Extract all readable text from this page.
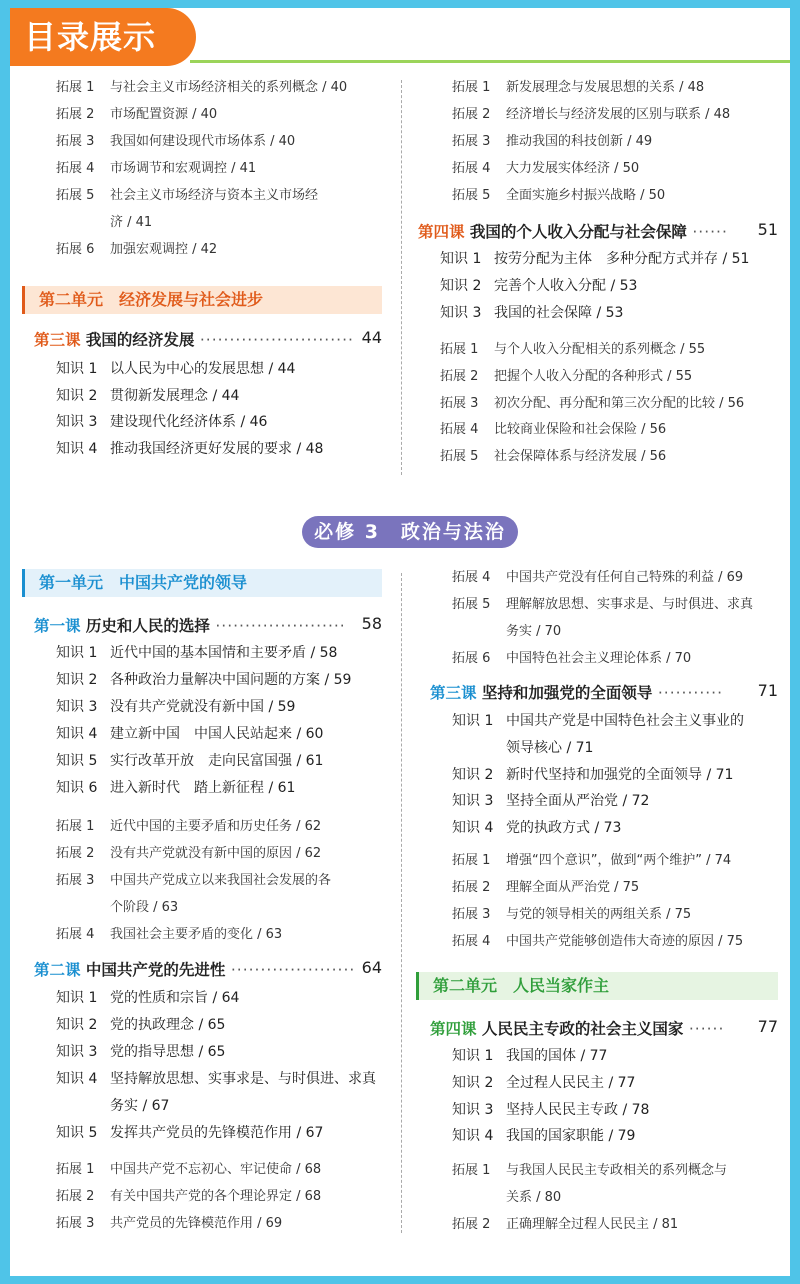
目录展示
拓展 1 与社会主义市场经济相关的系列概念 / 40
拓展 2 市场配置资源 / 40
拓展 3 我国如何建设现代市场体系 / 40
拓展 4 市场调节和宏观调控 / 41
拓展 5 社会主义市场经济与资本主义市场经
济 / 41
拓展 6 加强宏观调控 / 42
第二单元　经济发展与社会进步
第三课 我国的经济发展 ·························· 44
知识 1 以人民为中心的发展思想 / 44
知识 2 贯彻新发展理念 / 44
知识 3 建设现代化经济体系 / 46
知识 4 推动我国经济更好发展的要求 / 48
拓展 1 新发展理念与发展思想的关系 / 48
拓展 2 经济增长与经济发展的区别与联系 / 48
拓展 3 推动我国的科技创新 / 49
拓展 4 大力发展实体经济 / 50
拓展 5 全面实施乡村振兴战略 / 50
第四课 我国的个人收入分配与社会保障 ······ 51
知识 1 按劳分配为主体　多种分配方式并存 / 51
知识 2 完善个人收入分配 / 53
知识 3 我国的社会保障 / 53
拓展 1 与个人收入分配相关的系列概念 / 55
拓展 2 把握个人收入分配的各种形式 / 55
拓展 3 初次分配、再分配和第三次分配的比较 / 56
拓展 4 比较商业保险和社会保险 / 56
拓展 5 社会保障体系与经济发展 / 56
第一单元　中国共产党的领导
第一课 历史和人民的选择 ······················ 58
知识 1 近代中国的基本国情和主要矛盾 / 58
知识 2 各种政治力量解决中国问题的方案 / 59
知识 3 没有共产党就没有新中国 / 59
知识 4 建立新中国　中国人民站起来 / 60
知识 5 实行改革开放　走向民富国强 / 61
知识 6 进入新时代　踏上新征程 / 61
拓展 1 近代中国的主要矛盾和历史任务 / 62
拓展 2 没有共产党就没有新中国的原因 / 62
拓展 3 中国共产党成立以来我国社会发展的各
个阶段 / 63
拓展 4 我国社会主要矛盾的变化 / 63
第二课 中国共产党的先进性 ····················· 64
知识 1 党的性质和宗旨 / 64
知识 2 党的执政理念 / 65
知识 3 党的指导思想 / 65
知识 4 坚持解放思想、实事求是、与时俱进、求真
务实 / 67
知识 5 发挥共产党员的先锋模范作用 / 67
拓展 1 中国共产党不忘初心、牢记使命 / 68
拓展 2 有关中国共产党的各个理论界定 / 68
拓展 3 共产党员的先锋模范作用 / 69
拓展 4 中国共产党没有任何自己特殊的利益 / 69
拓展 5 理解解放思想、实事求是、与时俱进、求真
务实 / 70
拓展 6 中国特色社会主义理论体系 / 70
第三课 坚持和加强党的全面领导 ··········· 71
知识 1 中国共产党是中国特色社会主义事业的
领导核心 / 71
知识 2 新时代坚持和加强党的全面领导 / 71
知识 3 坚持全面从严治党 / 72
知识 4 党的执政方式 / 73
拓展 1 增强“四个意识”，做到“两个维护” / 74
拓展 2 理解全面从严治党 / 75
拓展 3 与党的领导相关的两组关系 / 75
拓展 4 中国共产党能够创造伟大奇迹的原因 / 75
第二单元　人民当家作主
第四课 人民民主专政的社会主义国家 ······ 77
知识 1 我国的国体 / 77
知识 2 全过程人民民主 / 77
知识 3 坚持人民民主专政 / 78
知识 4 我国的国家职能 / 79
拓展 1 与我国人民民主专政相关的系列概念与
关系 / 80
拓展 2 正确理解全过程人民民主 / 81
必修 3　政治与法治
